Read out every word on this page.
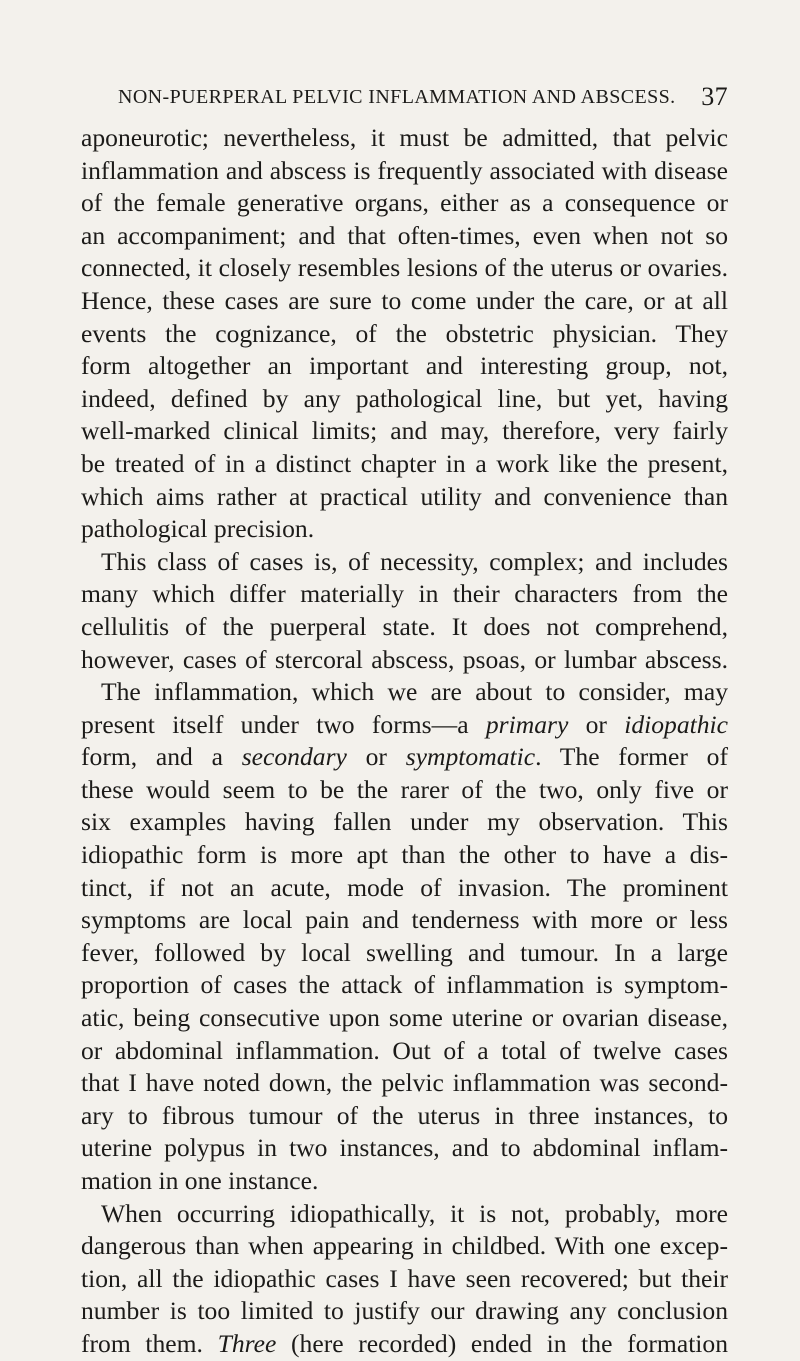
NON-PUERPERAL PELVIC INFLAMMATION AND ABSCESS. 37
aponeurotic; nevertheless, it must be admitted, that pelvic
inflammation and abscess is frequently associated with disease
of the female generative organs, either as a consequence or
an accompaniment; and that often-times, even when not so
connected, it closely resembles lesions of the uterus or ovaries.
Hence, these cases are sure to come under the care, or at all
events the cognizance, of the obstetric physician. They
form altogether an important and interesting group, not,
indeed, defined by any pathological line, but yet, having
well-marked clinical limits; and may, therefore, very fairly
be treated of in a distinct chapter in a work like the present,
which aims rather at practical utility and convenience than
pathological precision.
This class of cases is, of necessity, complex; and includes
many which differ materially in their characters from the
cellulitis of the puerperal state. It does not comprehend,
however, cases of stercoral abscess, psoas, or lumbar abscess.
The inflammation, which we are about to consider, may
present itself under two forms—a primary or idiopathic
form, and a secondary or symptomatic. The former of
these would seem to be the rarer of the two, only five or
six examples having fallen under my observation. This
idiopathic form is more apt than the other to have a dis-
tinct, if not an acute, mode of invasion. The prominent
symptoms are local pain and tenderness with more or less
fever, followed by local swelling and tumour. In a large
proportion of cases the attack of inflammation is symptom-
atic, being consecutive upon some uterine or ovarian disease,
or abdominal inflammation. Out of a total of twelve cases
that I have noted down, the pelvic inflammation was second-
ary to fibrous tumour of the uterus in three instances, to
uterine polypus in two instances, and to abdominal inflam-
mation in one instance.
When occurring idiopathically, it is not, probably, more
dangerous than when appearing in childbed. With one excep-
tion, all the idiopathic cases I have seen recovered; but their
number is too limited to justify our drawing any conclusion
from them. Three (here recorded) ended in the formation
